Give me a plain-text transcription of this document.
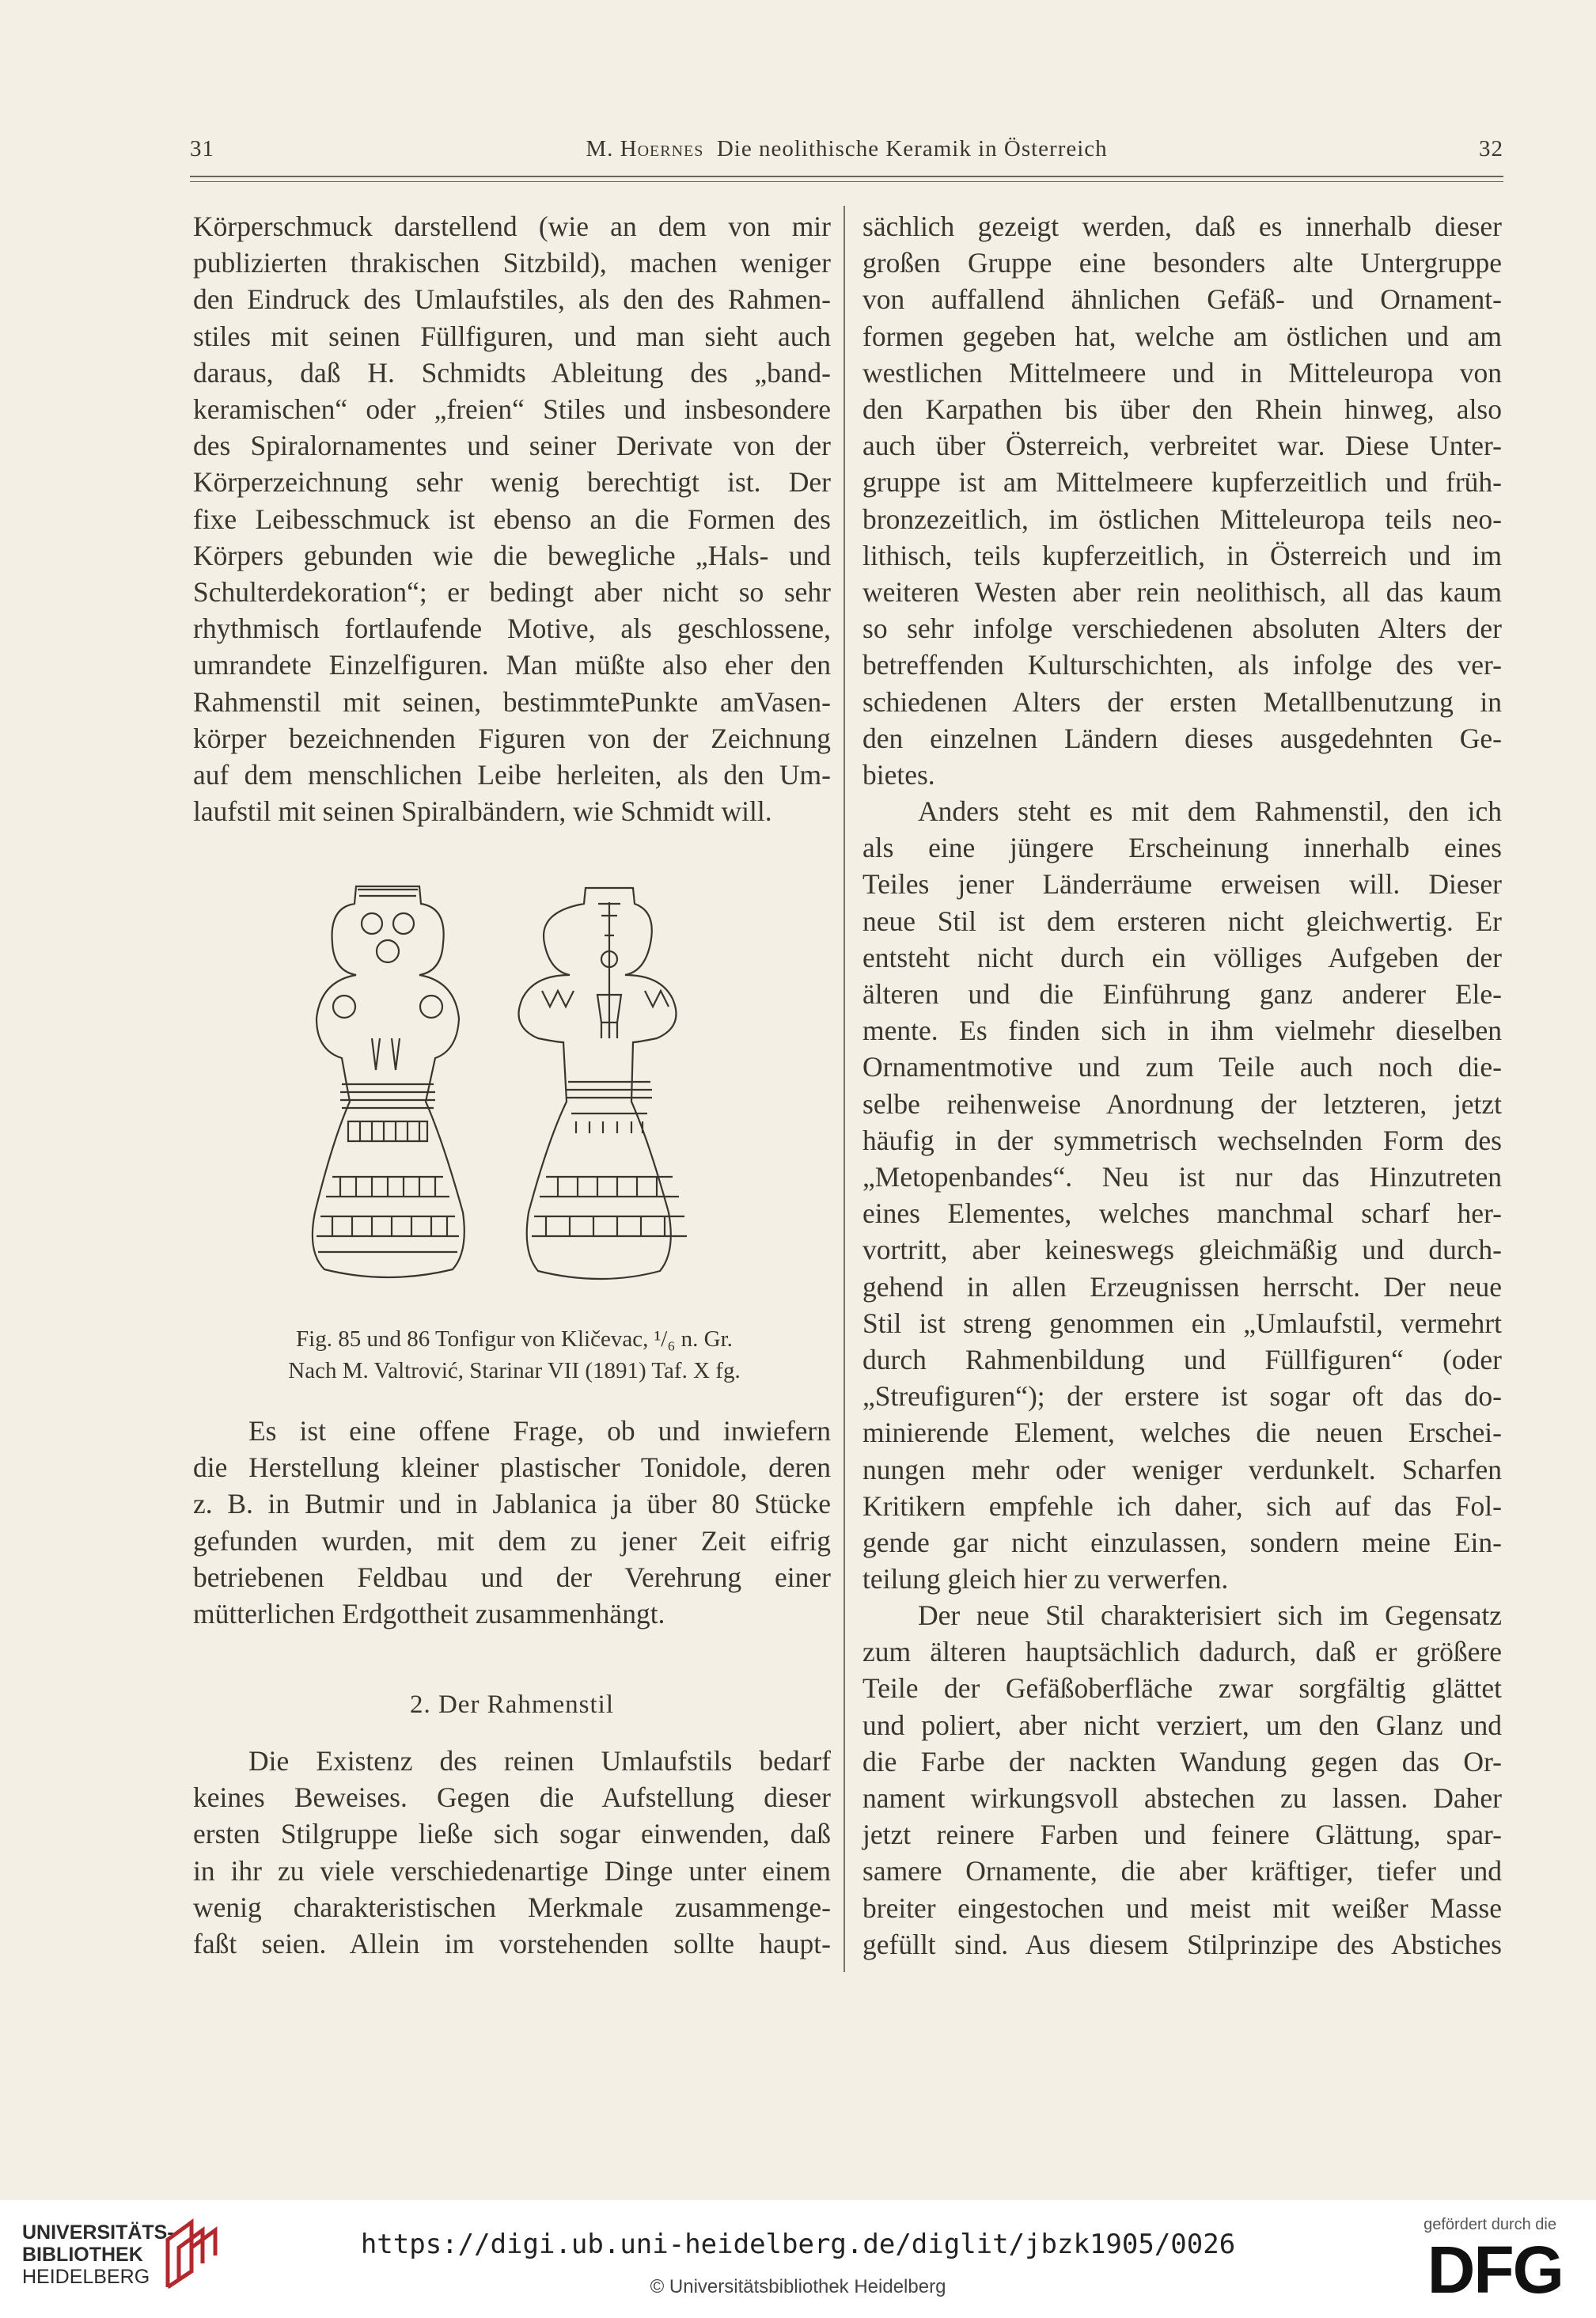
31	M. Hoernes Die neolithische Keramik in Österreich	32
Körperschmuck darstellend (wie an dem von mir
publizierten thrakischen Sitzbild), machen weniger
den Eindruck des Umlaufstiles, als den des Rahmen-
stiles mit seinen Füllfiguren, und man sieht auch
daraus, daß H. Schmidts Ableitung des „band-
keramischen“ oder „freien“ Stiles und insbesondere
des Spiralornamentes und seiner Derivate von der
Körperzeichnung sehr wenig berechtigt ist. Der
fixe Leibesschmuck ist ebenso an die Formen des
Körpers gebunden wie die bewegliche „Hals- und
Schulterdekoration“; er bedingt aber nicht so sehr
rhythmisch fortlaufende Motive, als geschlossene,
umrandete Einzelfiguren. Man müßte also eher den
Rahmenstil mit seinen, bestimmtePunkte amVasen-
körper bezeichnenden Figuren von der Zeichnung
auf dem menschlichen Leibe herleiten, als den Um-
laufstil mit seinen Spiralbändern, wie Schmidt will.
Fig. 85 und 86 Tonfigur von Kličevac, ¹/₆ n. Gr.
Nach M. Valtrović, Starinar VII (1891) Taf. X fg.
Es ist eine offene Frage, ob und inwiefern
die Herstellung kleiner plastischer Tonidole, deren
z. B. in Butmir und in Jablanica ja über 80 Stücke
gefunden wurden, mit dem zu jener Zeit eifrig
betriebenen Feldbau und der Verehrung einer
mütterlichen Erdgottheit zusammenhängt.
2. Der Rahmenstil
Die Existenz des reinen Umlaufstils bedarf
keines Beweises. Gegen die Aufstellung dieser
ersten Stilgruppe ließe sich sogar einwenden, daß
in ihr zu viele verschiedenartige Dinge unter einem
wenig charakteristischen Merkmale zusammenge-
faßt seien. Allein im vorstehenden sollte haupt-
sächlich gezeigt werden, daß es innerhalb dieser
großen Gruppe eine besonders alte Untergruppe
von auffallend ähnlichen Gefäß- und Ornament-
formen gegeben hat, welche am östlichen und am
westlichen Mittelmeere und in Mitteleuropa von
den Karpathen bis über den Rhein hinweg, also
auch über Österreich, verbreitet war. Diese Unter-
gruppe ist am Mittelmeere kupferzeitlich und früh-
bronzezeitlich, im östlichen Mitteleuropa teils neo-
lithisch, teils kupferzeitlich, in Österreich und im
weiteren Westen aber rein neolithisch, all das kaum
so sehr infolge verschiedenen absoluten Alters der
betreffenden Kulturschichten, als infolge des ver-
schiedenen Alters der ersten Metallbenutzung in
den einzelnen Ländern dieses ausgedehnten Ge-
bietes.
Anders steht es mit dem Rahmenstil, den ich
als eine jüngere Erscheinung innerhalb eines
Teiles jener Länderräume erweisen will. Dieser
neue Stil ist dem ersteren nicht gleichwertig. Er
entsteht nicht durch ein völliges Aufgeben der
älteren und die Einführung ganz anderer Ele-
mente. Es finden sich in ihm vielmehr dieselben
Ornamentmotive und zum Teile auch noch die-
selbe reihenweise Anordnung der letzteren, jetzt
häufig in der symmetrisch wechselnden Form des
„Metopenbandes“. Neu ist nur das Hinzutreten
eines Elementes, welches manchmal scharf her-
vortritt, aber keineswegs gleichmäßig und durch-
gehend in allen Erzeugnissen herrscht. Der neue
Stil ist streng genommen ein „Umlaufstil, vermehrt
durch Rahmenbildung und Füllfiguren“ (oder
„Streufiguren“); der erstere ist sogar oft das do-
minierende Element, welches die neuen Erschei-
nungen mehr oder weniger verdunkelt. Scharfen
Kritikern empfehle ich daher, sich auf das Fol-
gende gar nicht einzulassen, sondern meine Ein-
teilung gleich hier zu verwerfen.
Der neue Stil charakterisiert sich im Gegensatz
zum älteren hauptsächlich dadurch, daß er größere
Teile der Gefäßoberfläche zwar sorgfältig glättet
und poliert, aber nicht verziert, um den Glanz und
die Farbe der nackten Wandung gegen das Or-
nament wirkungsvoll abstechen zu lassen. Daher
jetzt reinere Farben und feinere Glättung, spar-
samere Ornamente, die aber kräftiger, tiefer und
breiter eingestochen und meist mit weißer Masse
gefüllt sind. Aus diesem Stilprinzipe des Abstiches
UNIVERSITÄTS-
BIBLIOTHEK
HEIDELBERG
https://digi.ub.uni-heidelberg.de/diglit/jbzk1905/0026
© Universitätsbibliothek Heidelberg
gefördert durch die
DFG
